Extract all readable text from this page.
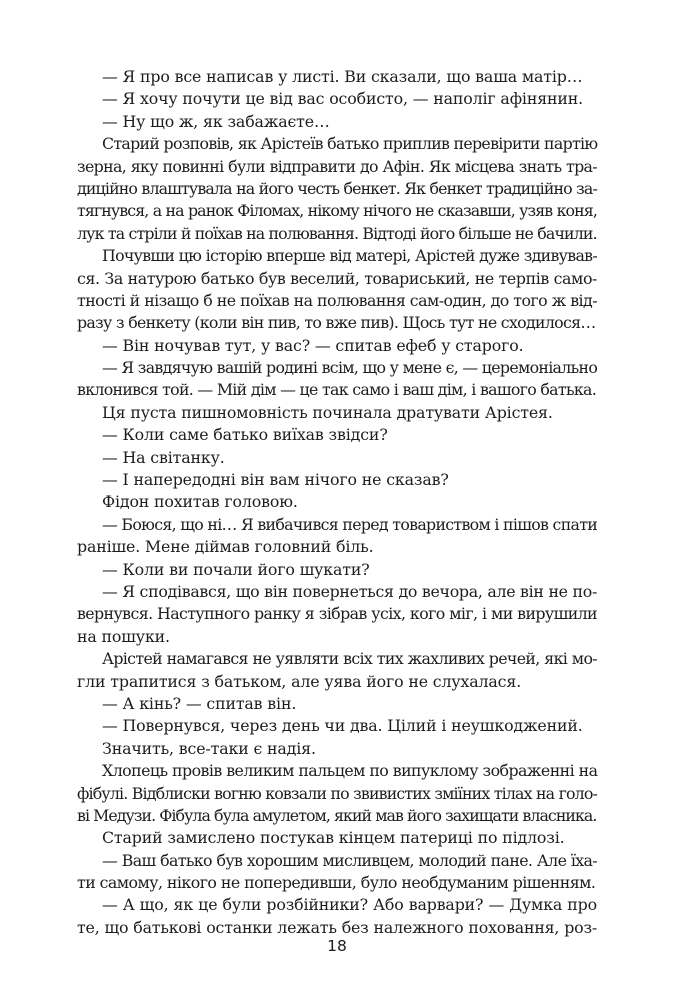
— Я про все написав у листі. Ви сказали, що ваша матір…
— Я хочу почути це від вас особисто, — наполіг афінянин.
— Ну що ж, як забажаєте…
Старий розповів, як Арістеїв батько приплив перевірити партію
зерна, яку повинні були відправити до Афін. Як місцева знать тра-
диційно влаштувала на його честь бенкет. Як бенкет традиційно за-
тягнувся, а на ранок Філомах, нікому нічого не сказавши, узяв коня,
лук та стріли й поїхав на полювання. Відтоді його більше не бачили.
Почувши цю історію вперше від матері, Арістей дуже здивував-
ся. За натурою батько був веселий, товариський, не терпів само-
тності й нізащо б не поїхав на полювання сам-один, до того ж від-
разу з бенкету (коли він пив, то вже пив). Щось тут не сходилося…
— Він ночував тут, у вас? — спитав ефеб у старого.
— Я завдячую вашій родині всім, що у мене є, — церемоніально
вклонився той. — Мій дім — це так само і ваш дім, і вашого батька.
Ця пуста пишномовність починала дратувати Арістея.
— Коли саме батько виїхав звідси?
— На світанку.
— І напередодні він вам нічого не сказав?
Фідон похитав головою.
— Боюся, що ні… Я вибачився перед товариством і пішов спати
раніше. Мене діймав головний біль.
— Коли ви почали його шукати?
— Я сподівався, що він повернеться до вечора, але він не по-
вернувся. Наступного ранку я зібрав усіх, кого міг, і ми вирушили
на пошуки.
Арістей намагався не уявляти всіх тих жахливих речей, які мо-
гли трапитися з батьком, але уява його не слухалася.
— А кінь? — спитав він.
— Повернувся, через день чи два. Цілий і неушкоджений.
Значить, все-таки є надія.
Хлопець провів великим пальцем по випуклому зображенні на
фібулі. Відблиски вогню ковзали по звивистих зміїних тілах на голо-
ві Медузи. Фібула була амулетом, який мав його захищати власника.
Старий замислено постукав кінцем патериці по підлозі.
— Ваш батько був хорошим мисливцем, молодий пане. Але їха-
ти самому, нікого не попередивши, було необдуманим рішенням.
— А що, як це були розбійники? Або варвари? — Думка про
те, що батькові останки лежать без належного поховання, роз-
18
